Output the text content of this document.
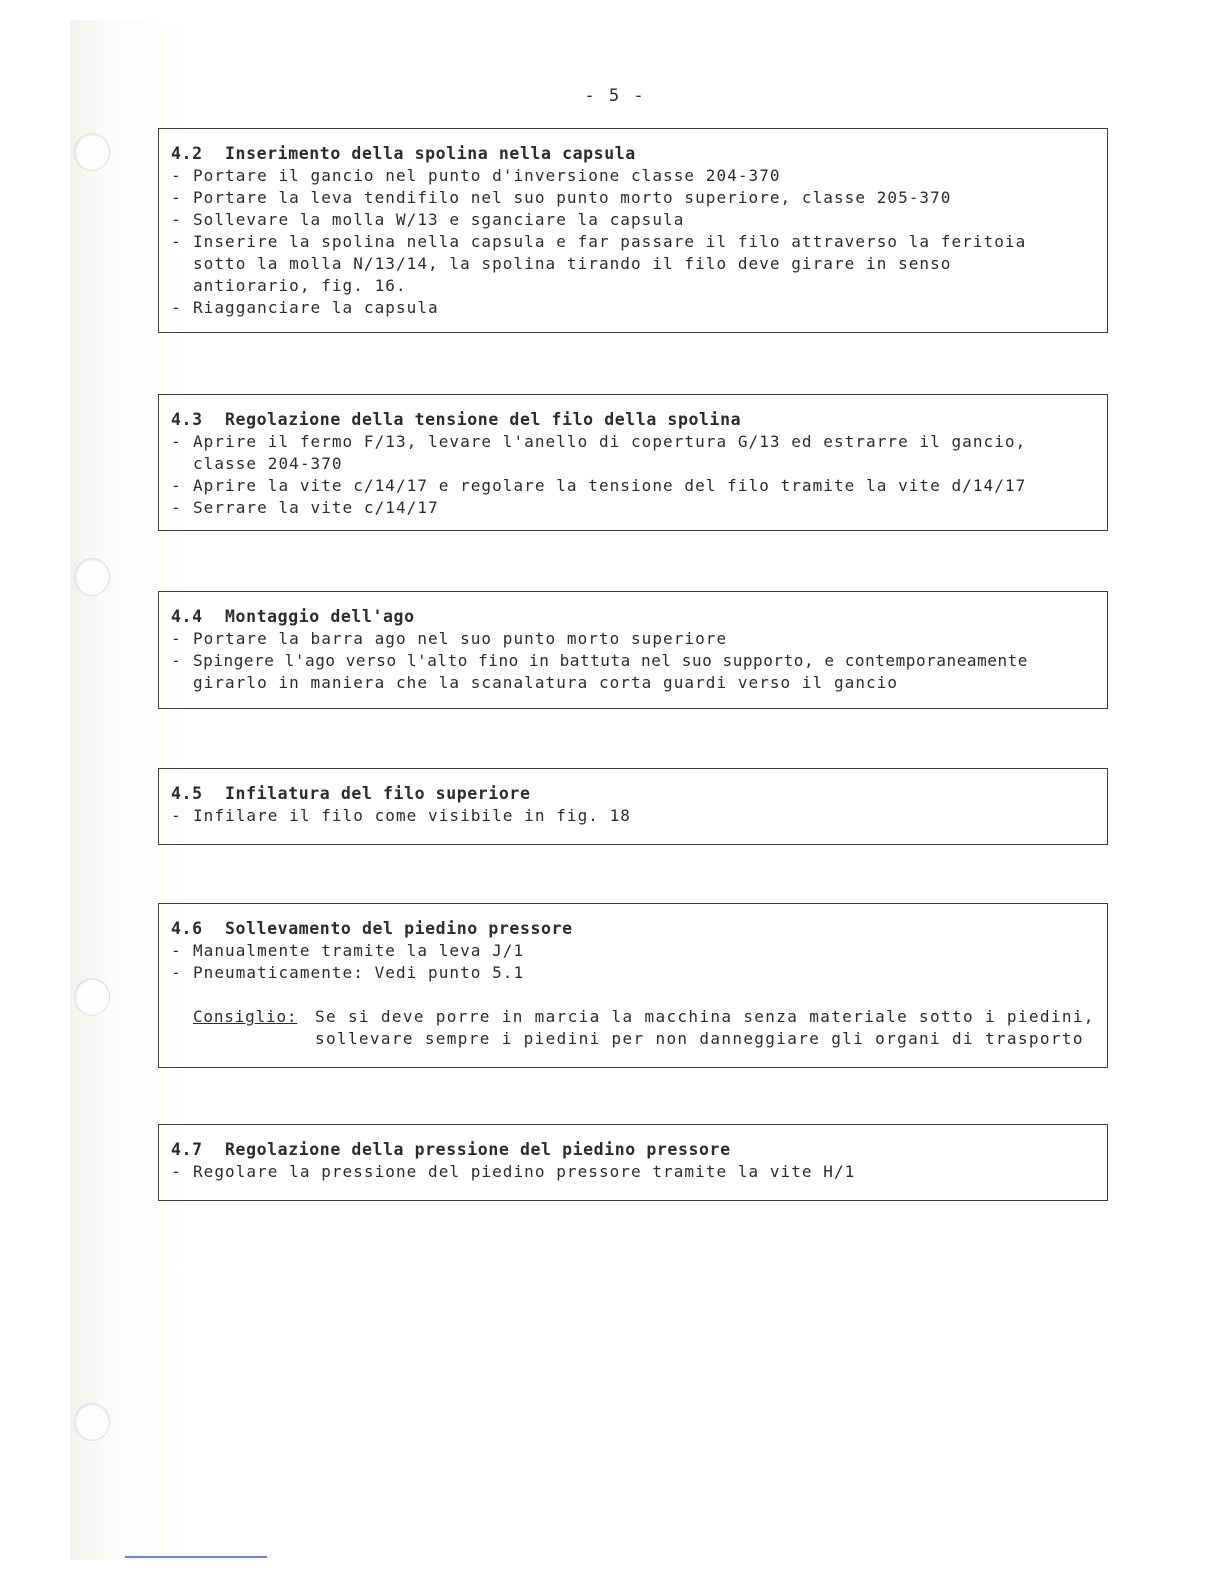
- 5 -
4.2 Inserimento della spolina nella capsula
- Portare il gancio nel punto d'inversione classe 204-370
- Portare la leva tendifilo nel suo punto morto superiore, classe 205-370
- Sollevare la molla W/13 e sganciare la capsula
- Inserire la spolina nella capsula e far passare il filo attraverso la feritoia
sotto la molla N/13/14, la spolina tirando il filo deve girare in senso
antiorario, fig. 16.
- Riagganciare la capsula
4.3 Regolazione della tensione del filo della spolina
- Aprire il fermo F/13, levare l'anello di copertura G/13 ed estrarre il gancio,
classe 204-370
- Aprire la vite c/14/17 e regolare la tensione del filo tramite la vite d/14/17
- Serrare la vite c/14/17
4.4 Montaggio dell'ago
- Portare la barra ago nel suo punto morto superiore
- Spingere l'ago verso l'alto fino in battuta nel suo supporto, e contemporaneamente
girarlo in maniera che la scanalatura corta guardi verso il gancio
4.5 Infilatura del filo superiore
- Infilare il filo come visibile in fig. 18
4.6 Sollevamento del piedino pressore
- Manualmente tramite la leva J/1
- Pneumaticamente: Vedi punto 5.1
Consiglio:	Se si deve porre in marcia la macchina senza materiale sotto i piedini,
sollevare sempre i piedini per non danneggiare gli organi di trasporto
4.7 Regolazione della pressione del piedino pressore
- Regolare la pressione del piedino pressore tramite la vite H/1
